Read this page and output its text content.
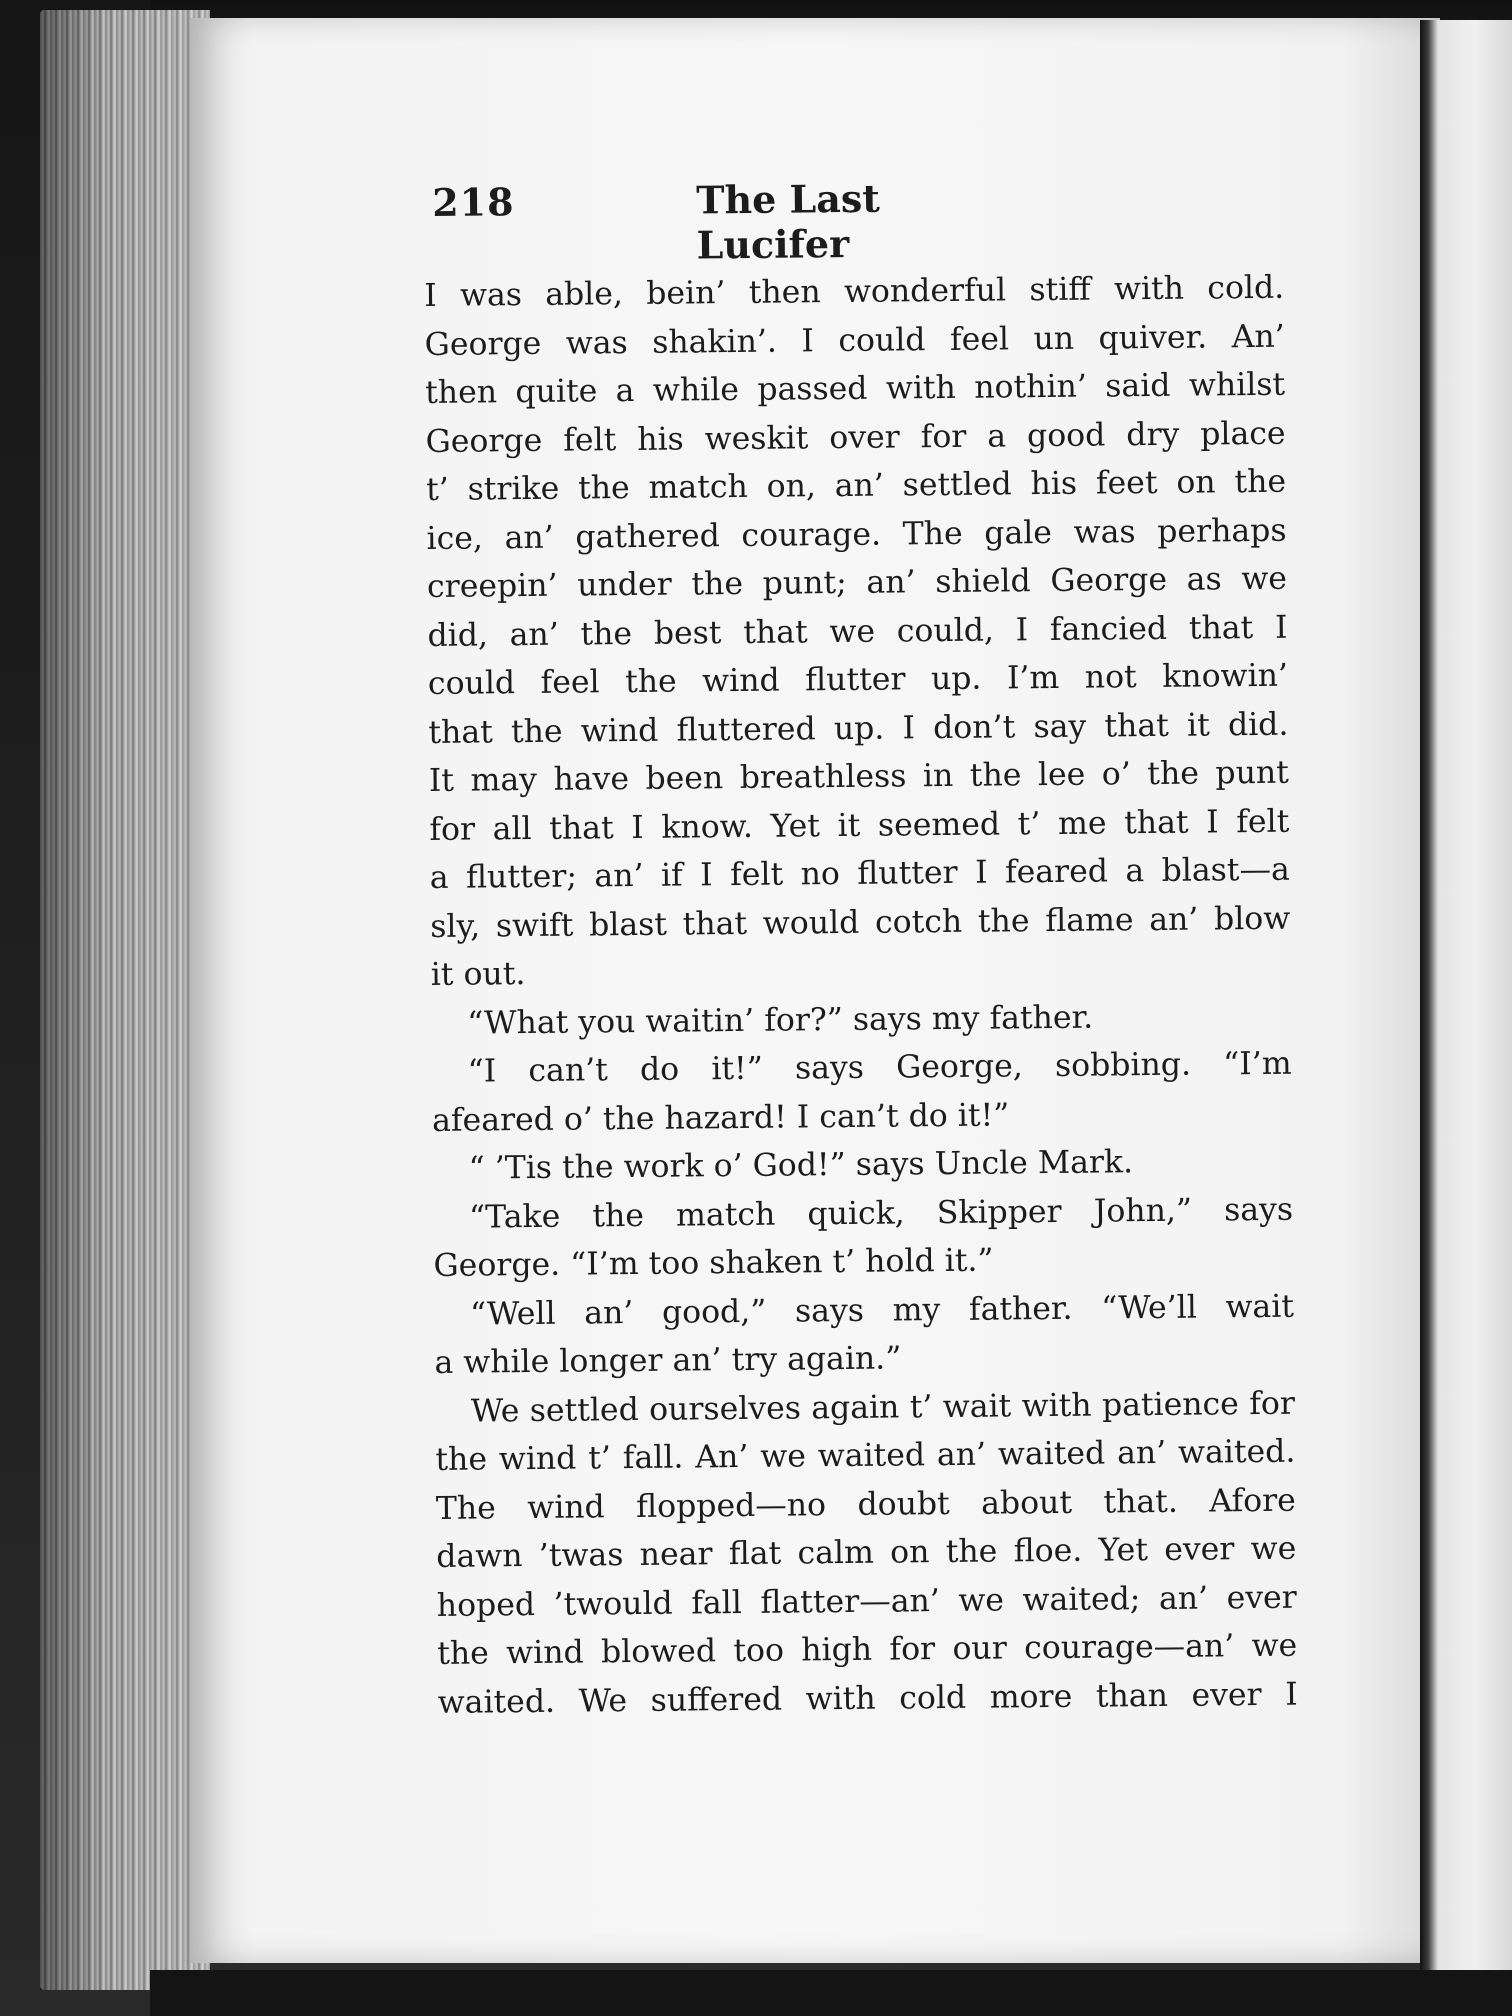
218	The Last Lucifer
I was able, bein’ then wonderful stiff with cold.
George was shakin’. I could feel un quiver. An’
then quite a while passed with nothin’ said whilst
George felt his weskit over for a good dry place
t’ strike the match on, an’ settled his feet on the
ice, an’ gathered courage. The gale was perhaps
creepin’ under the punt; an’ shield George as we
did, an’ the best that we could, I fancied that I
could feel the wind flutter up. I’m not knowin’
that the wind fluttered up. I don’t say that it did.
It may have been breathless in the lee o’ the punt
for all that I know. Yet it seemed t’ me that I felt
a flutter; an’ if I felt no flutter I feared a blast—a
sly, swift blast that would cotch the flame an’ blow
it out.
“What you waitin’ for?” says my father.
“I can’t do it!” says George, sobbing. “I’m
afeared o’ the hazard! I can’t do it!”
“ ’Tis the work o’ God!” says Uncle Mark.
“Take the match quick, Skipper John,” says
George. “I’m too shaken t’ hold it.”
“Well an’ good,” says my father. “We’ll wait
a while longer an’ try again.”
We settled ourselves again t’ wait with patience for
the wind t’ fall. An’ we waited an’ waited an’ waited.
The wind flopped—no doubt about that. Afore
dawn ’twas near flat calm on the floe. Yet ever we
hoped ’twould fall flatter—an’ we waited; an’ ever
the wind blowed too high for our courage—an’ we
waited. We suffered with cold more than ever I
